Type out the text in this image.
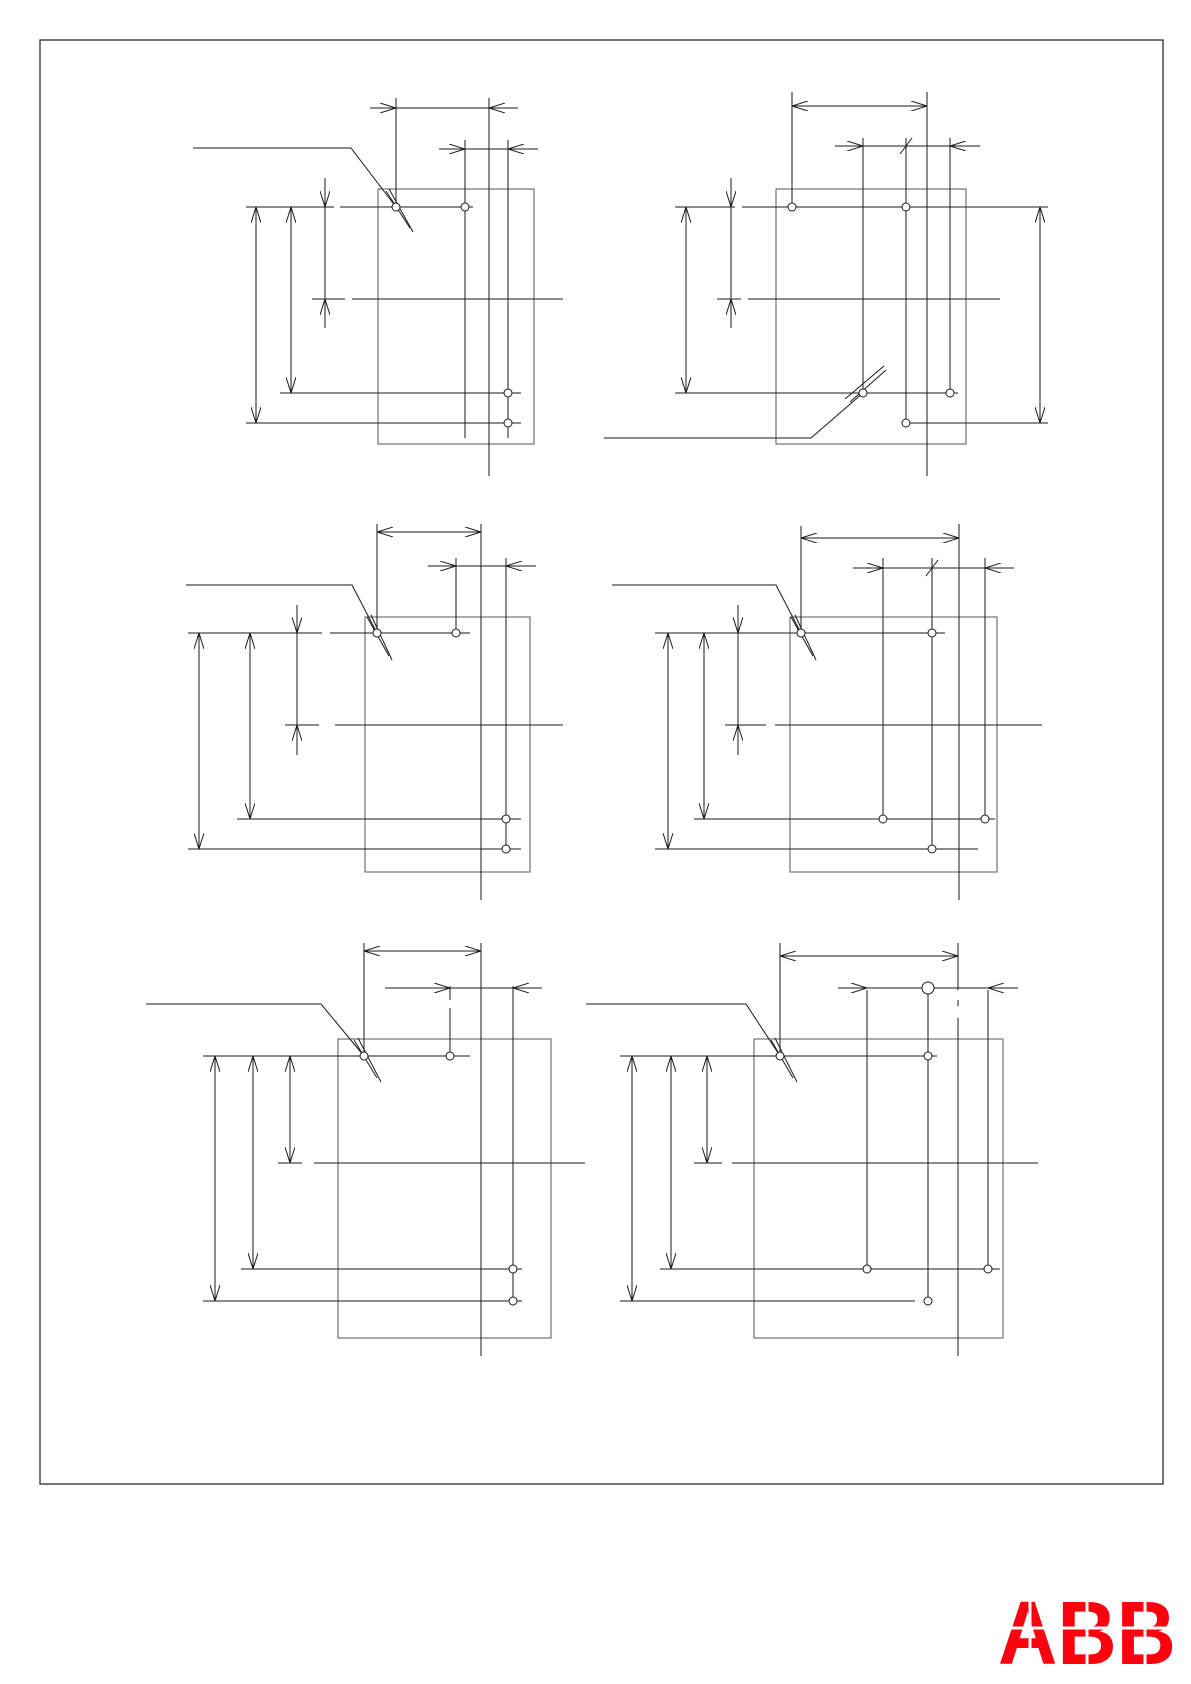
ABB
